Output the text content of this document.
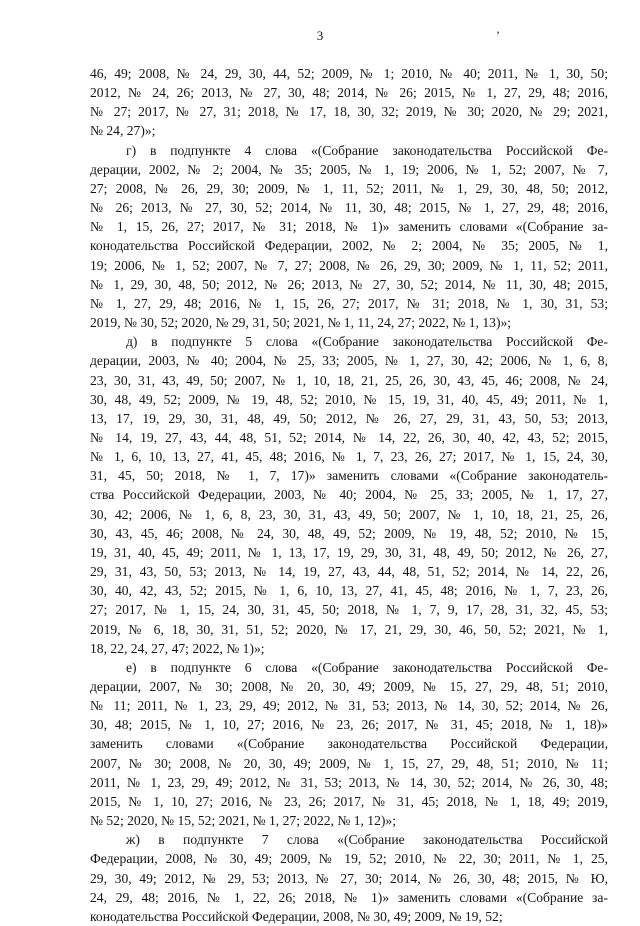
3	’
46, 49; 2008, № 24, 29, 30, 44, 52; 2009, № 1; 2010, № 40; 2011, № 1, 30, 50;
2012, № 24, 26; 2013, № 27, 30, 48; 2014, № 26; 2015, № 1, 27, 29, 48; 2016,
№ 27; 2017, № 27, 31; 2018, № 17, 18, 30, 32; 2019, № 30; 2020, № 29; 2021,
№ 24, 27)»;
г) в подпункте 4 слова «(Собрание законодательства Российской Фе-
дерации, 2002, № 2; 2004, № 35; 2005, № 1, 19; 2006, № 1, 52; 2007, № 7,
27; 2008, № 26, 29, 30; 2009, № 1, 11, 52; 2011, № 1, 29, 30, 48, 50; 2012,
№ 26; 2013, № 27, 30, 52; 2014, № 11, 30, 48; 2015, № 1, 27, 29, 48; 2016,
№ 1, 15, 26, 27; 2017, № 31; 2018, № 1)» заменить словами «(Собрание за-
конодательства Российской Федерации, 2002, № 2; 2004, № 35; 2005, № 1,
19; 2006, № 1, 52; 2007, № 7, 27; 2008, № 26, 29, 30; 2009, № 1, 11, 52; 2011,
№ 1, 29, 30, 48, 50; 2012, № 26; 2013, № 27, 30, 52; 2014, № 11, 30, 48; 2015,
№ 1, 27, 29, 48; 2016, № 1, 15, 26, 27; 2017, № 31; 2018, № 1, 30, 31, 53;
2019, № 30, 52; 2020, № 29, 31, 50; 2021, № 1, 11, 24, 27; 2022, № 1, 13)»;
д) в подпункте 5 слова «(Собрание законодательства Российской Фе-
дерации, 2003, № 40; 2004, № 25, 33; 2005, № 1, 27, 30, 42; 2006, № 1, 6, 8,
23, 30, 31, 43, 49, 50; 2007, № 1, 10, 18, 21, 25, 26, 30, 43, 45, 46; 2008, № 24,
30, 48, 49, 52; 2009, № 19, 48, 52; 2010, № 15, 19, 31, 40, 45, 49; 2011, № 1,
13, 17, 19, 29, 30, 31, 48, 49, 50; 2012, № 26, 27, 29, 31, 43, 50, 53; 2013,
№ 14, 19, 27, 43, 44, 48, 51, 52; 2014, № 14, 22, 26, 30, 40, 42, 43, 52; 2015,
№ 1, 6, 10, 13, 27, 41, 45, 48; 2016, № 1, 7, 23, 26, 27; 2017, № 1, 15, 24, 30,
31, 45, 50; 2018, № 1, 7, 17)» заменить словами «(Собрание законодатель-
ства Российской Федерации, 2003, № 40; 2004, № 25, 33; 2005, № 1, 17, 27,
30, 42; 2006, № 1, 6, 8, 23, 30, 31, 43, 49, 50; 2007, № 1, 10, 18, 21, 25, 26,
30, 43, 45, 46; 2008, № 24, 30, 48, 49, 52; 2009, № 19, 48, 52; 2010, № 15,
19, 31, 40, 45, 49; 2011, № 1, 13, 17, 19, 29, 30, 31, 48, 49, 50; 2012, № 26, 27,
29, 31, 43, 50, 53; 2013, № 14, 19, 27, 43, 44, 48, 51, 52; 2014, № 14, 22, 26,
30, 40, 42, 43, 52; 2015, № 1, 6, 10, 13, 27, 41, 45, 48; 2016, № 1, 7, 23, 26,
27; 2017, № 1, 15, 24, 30, 31, 45, 50; 2018, № 1, 7, 9, 17, 28, 31, 32, 45, 53;
2019, № 6, 18, 30, 31, 51, 52; 2020, № 17, 21, 29, 30, 46, 50, 52; 2021, № 1,
18, 22, 24, 27, 47; 2022, № 1)»;
е) в подпункте 6 слова «(Собрание законодательства Российской Фе-
дерации, 2007, № 30; 2008, № 20, 30, 49; 2009, № 15, 27, 29, 48, 51; 2010,
№ 11; 2011, № 1, 23, 29, 49; 2012, № 31, 53; 2013, № 14, 30, 52; 2014, № 26,
30, 48; 2015, № 1, 10, 27; 2016, № 23, 26; 2017, № 31, 45; 2018, № 1, 18)»
заменить словами «(Собрание законодательства Российской Федерации,
2007, № 30; 2008, № 20, 30, 49; 2009, № 1, 15, 27, 29, 48, 51; 2010, № 11;
2011, № 1, 23, 29, 49; 2012, № 31, 53; 2013, № 14, 30, 52; 2014, № 26, 30, 48;
2015, № 1, 10, 27; 2016, № 23, 26; 2017, № 31, 45; 2018, № 1, 18, 49; 2019,
№ 52; 2020, № 15, 52; 2021, № 1, 27; 2022, № 1, 12)»;
ж) в подпункте 7 слова «(Собрание законодательства Российской
Федерации, 2008, № 30, 49; 2009, № 19, 52; 2010, № 22, 30; 2011, № 1, 25,
29, 30, 49; 2012, № 29, 53; 2013, № 27, 30; 2014, № 26, 30, 48; 2015, № Ю,
24, 29, 48; 2016, № 1, 22, 26; 2018, № 1)» заменить словами «(Собрание за-
конодательства Российской Федерации, 2008, № 30, 49; 2009, № 19, 52;
